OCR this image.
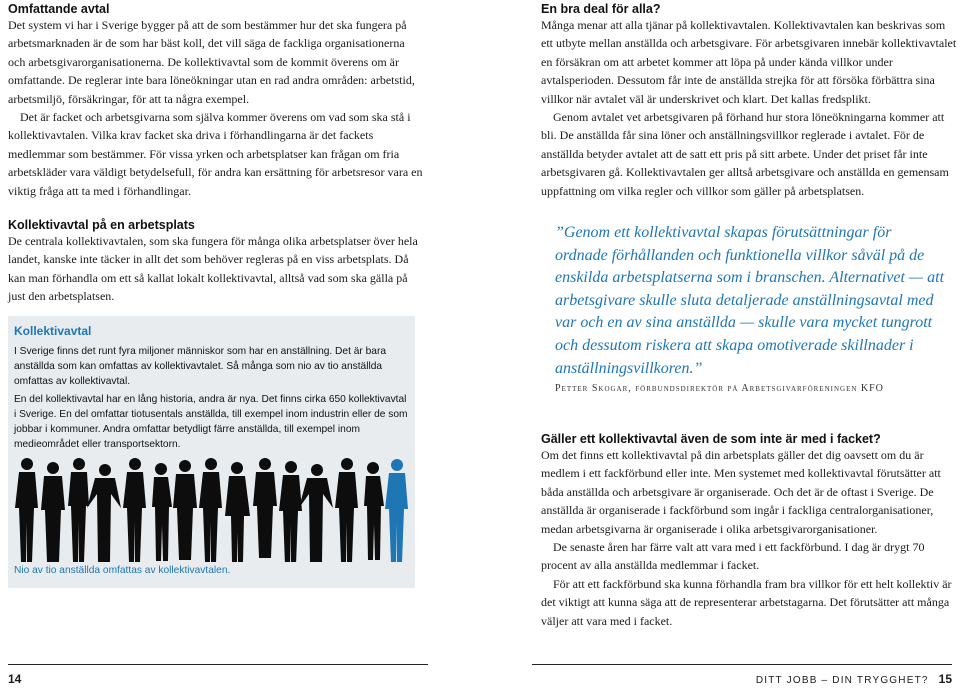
Omfattande avtal

Det system vi har i Sverige bygger på att de som bestämmer hur det ska fungera på arbetsmarknaden är de som har bäst koll, det vill säga de fackliga organisationerna och arbetsgivarorganisationerna. De kollektivavtal som de kommit överens om är omfattande. De reglerar inte bara löneökningar utan en rad andra områden: arbetstid, arbetsmiljö, försäkringar, för att ta några exempel.

Det är facket och arbetsgivarna som själva kommer överens om vad som ska stå i kollektivavtalen. Vilka krav facket ska driva i förhandlingarna är det fackets medlemmar som bestämmer. För vissa yrken och arbetsplatser kan frågan om fria arbetskläder vara väldigt betydelsefull, för andra kan ersättning för arbetsresor vara en viktig fråga att ta med i förhandlingar.

Kollektivavtal på en arbetsplats

De centrala kollektivavtalen, som ska fungera för många olika arbetsplatser över hela landet, kanske inte täcker in allt det som behöver regleras på en viss arbetsplats. Då kan man förhandla om ett så kallat lokalt kollektivavtal, alltså vad som ska gälla på just den arbetsplatsen.

Kollektivavtal
I Sverige finns det runt fyra miljoner människor som har en anställning. Det är bara anställda som kan omfattas av kollektivavtalet. Så många som nio av tio anställda omfattas av kollektivavtal.
En del kollektivavtal har en lång historia, andra är nya. Det finns cirka 650 kollektivavtal i Sverige. En del omfattar tiotusentals anställda, till exempel inom industrin eller de som jobbar i kommuner. Andra omfattar betydligt färre anställda, till exempel inom medieområdet eller transportsektorn.
Nio av tio anställda omfattas av kollektivavtalen.
En bra deal för alla?

Många menar att alla tjänar på kollektivavtalen. Kollektivavtalen kan beskrivas som ett utbyte mellan anställda och arbetsgivare. För arbetsgivaren innebär kollektivavtalet en försäkran om att arbetet kommer att löpa på under kända villkor under avtalsperioden. Dessutom får inte de anställda strejka för att försöka förbättra sina villkor när avtalet väl är underskrivet och klart. Det kallas fredsplikt.

Genom avtalet vet arbetsgivaren på förhand hur stora löneökningarna kommer att bli. De anställda får sina löner och anställningsvillkor reglerade i avtalet. För de anställda betyder avtalet att de satt ett pris på sitt arbete. Under det priset får inte arbetsgivaren gå. Kollektivavtalen ger alltså arbetsgivare och anställda en gemensam uppfattning om vilka regler och villkor som gäller på arbetsplatsen.

”Genom ett kollektivavtal skapas förutsättningar för ordnade förhållanden och funktionella villkor såväl på de enskilda arbetsplatserna som i branschen. Alternativet — att arbetsgivare skulle sluta detaljerade anställningsavtal med var och en av sina anställda — skulle vara mycket tungrott och dessutom riskera att skapa omotiverade skillnader i anställningsvillkoren.”
Petter Skogar, förbundsdirektör på Arbetsgivarföreningen KFO
Gäller ett kollektivavtal även de som inte är med i facket?

Om det finns ett kollektivavtal på din arbetsplats gäller det dig oavsett om du är medlem i ett fackförbund eller inte. Men systemet med kollektivavtal förutsätter att båda anställda och arbetsgivare är organiserade. Och det är de oftast i Sverige. De anställda är organiserade i fackförbund som ingår i fackliga centralorganisationer, medan arbetsgivarna är organiserade i olika arbetsgivarorganisationer.

De senaste åren har färre valt att vara med i ett fackförbund. I dag är drygt 70 procent av alla anställda medlemmar i facket.

För att ett fackförbund ska kunna förhandla fram bra villkor för ett helt kollektiv är det viktigt att kunna säga att de representerar arbetstagarna. Det förutsätter att många väljer att vara med i facket.

14	DITT JOBB – DIN TRYGGHET? 15
